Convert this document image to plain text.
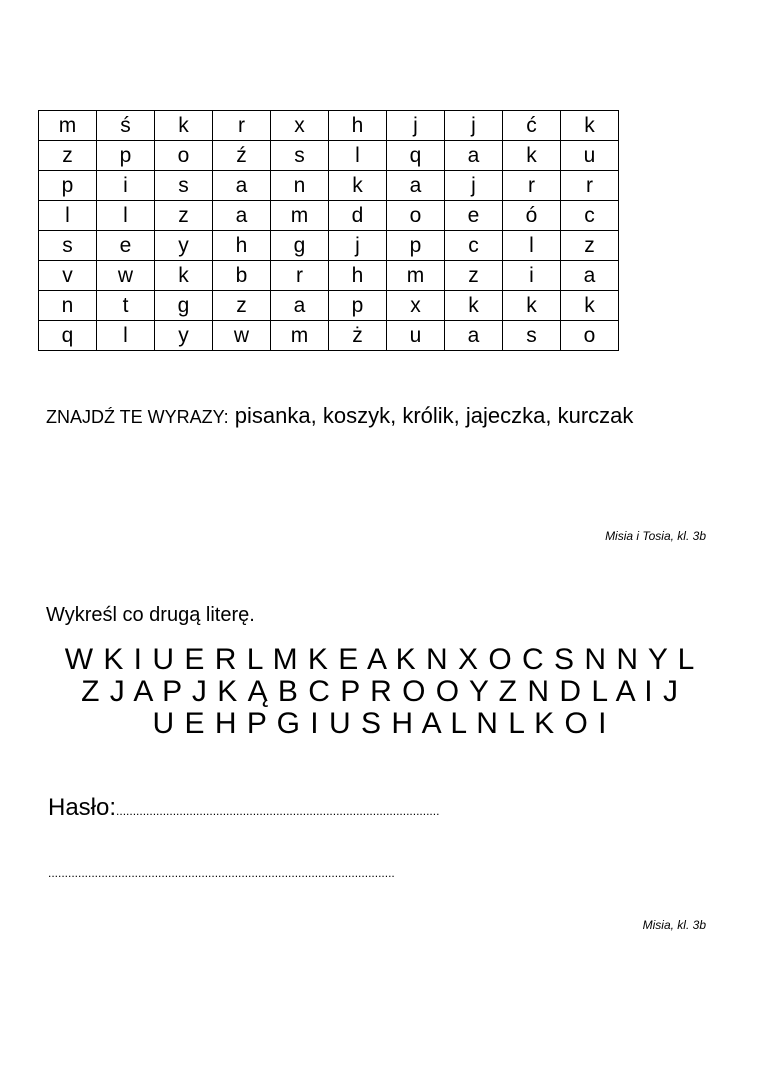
m	ś	k	r	x	h	j	j	ć	k
z	p	o	ź	s	l	q	a	k	u
p	i	s	a	n	k	a	j	r	r
l	l	z	a	m	d	o	e	ó	c
s	e	y	h	g	j	p	c	l	z
v	w	k	b	r	h	m	z	i	a
n	t	g	z	a	p	x	k	k	k
q	l	y	w	m	ż	u	a	s	o
ZNAJDŹ TE WYRAZY: pisanka, koszyk, królik, jajeczka, kurczak
Misia i Tosia, kl. 3b
Wykreśl co drugą literę.
W K I U E R L M K E A K N X O C S N N Y L
Z J A P J K Ą B C P R O O Y Z N D L A I J
U E H P G I U S H A L N L K O I
Hasło:.................................................................................................
........................................................................................................
Misia, kl. 3b
